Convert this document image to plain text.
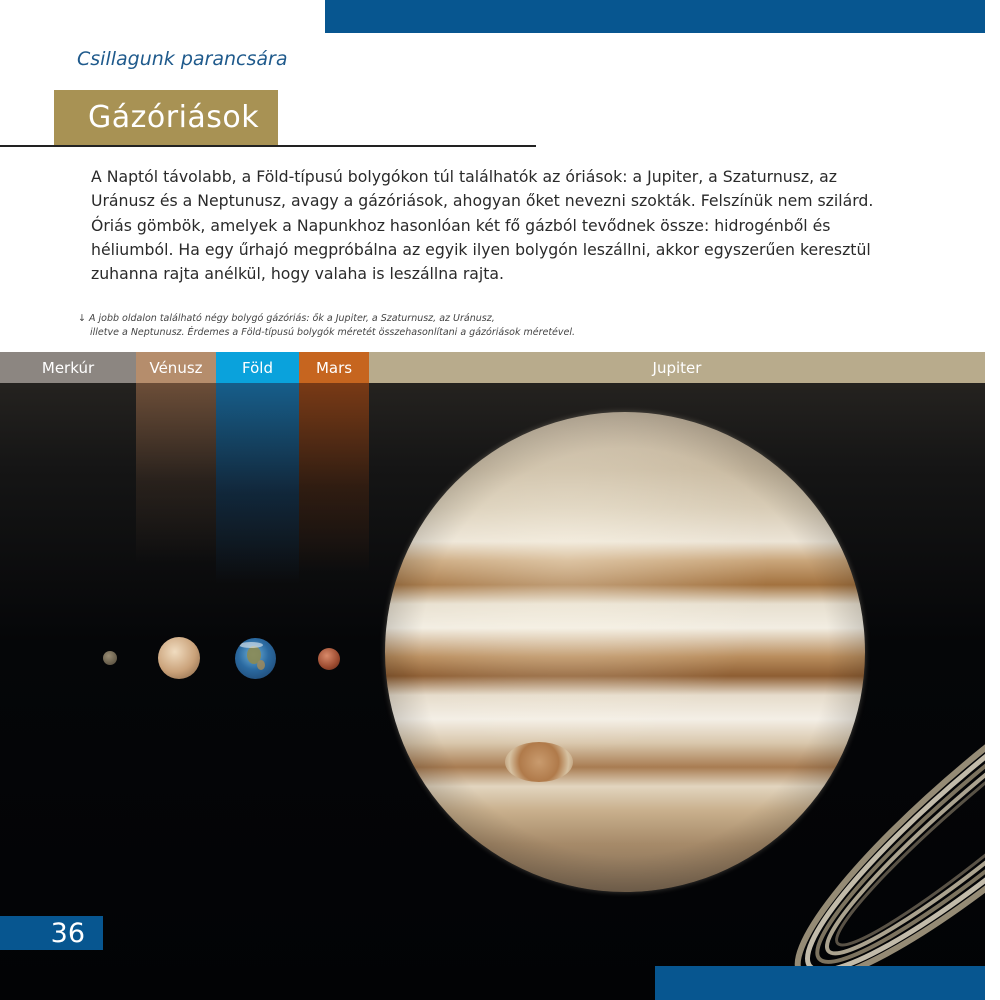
Csillagunk parancsára

Gázóriások

A Naptól távolabb, a Föld-típusú bolygókon túl találhatók az óriások: a Jupiter, a Szaturnusz, az Uránusz és a Neptunusz, avagy a gázóriások, ahogyan őket nevezni szokták. Felszínük nem szilárd. Óriás gömbök, amelyek a Napunkhoz hasonlóan két fő gázból tevődnek össze: hidrogénből és héliumból. Ha egy űrhajó megpróbálna az egyik ilyen bolygón leszállni, akkor egyszerűen keresztül zuhanna rajta anélkül, hogy valaha is leszállna rajta.

↓ A jobb oldalon található négy bolygó gázóriás: ők a Jupiter, a Szaturnusz, az Uránusz,
illetve a Neptunusz. Érdemes a Föld-típusú bolygók méretét összehasonlítani a gázóriások méretével.

Merkúr	Vénusz	Föld	Mars	Jupiter
36
